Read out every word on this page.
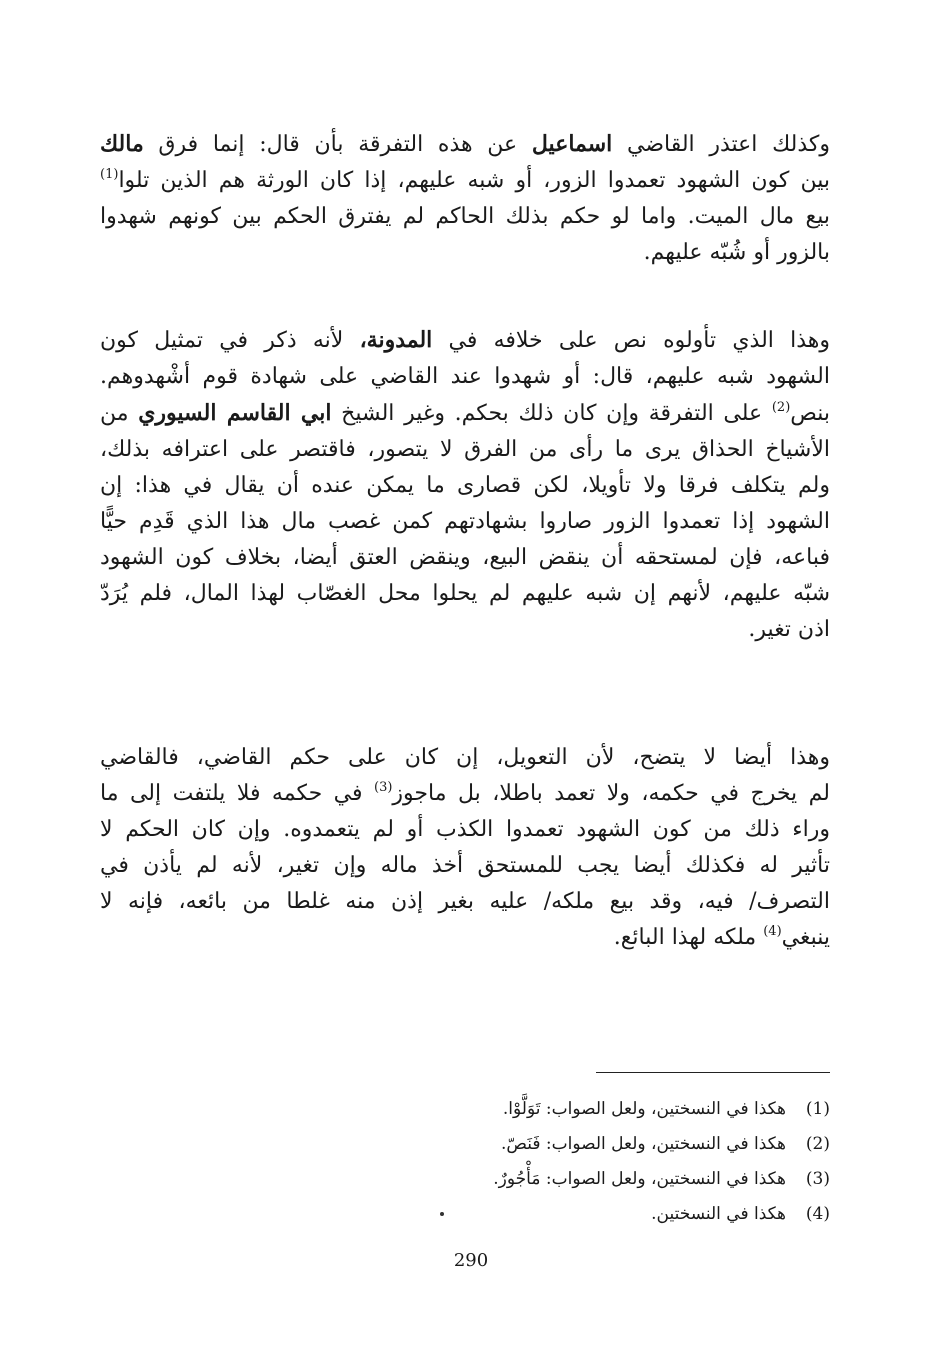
وكذلك اعتذر القاضي اسماعيل عن هذه التفرقة بأن قال: إنما فرق مالك
بين كون الشهود تعمدوا الزور، أو شبه عليهم، إذا كان الورثة هم الذين تلوا$^{(1)}$
بيع مال الميت. واما لو حكم بذلك الحاكم لم يفترق الحكم بين كونهم شهدوا
بالزور أو شُبّه عليهم.
وهذا الذي تأولوه نص على خلافه في المدونة، لأنه ذكر في تمثيل كون
الشهود شبه عليهم، قال: أو شهدوا عند القاضي على شهادة قوم أشْهدوهم.
بنص$^{(2)}$ على التفرقة وإن كان ذلك بحكم. وغير الشيخ ابي القاسم السيوري من
الأشياخ الحذاق يرى ما رأى من الفرق لا يتصور، فاقتصر على اعترافه بذلك،
ولم يتكلف فرقا ولا تأويلا، لكن قصارى ما يمكن عنده أن يقال في هذا: إن
الشهود إذا تعمدوا الزور صاروا بشهادتهم كمن غصب مال هذا الذي قَدِم حيًّا
فباعه، فإن لمستحقه أن ينقض البيع، وينقض العتق أيضا، بخلاف كون الشهود
شبّه عليهم، لأنهم إن شبه عليهم لم يحلوا محل الغصّاب لهذا المال، فلم يُرَدّ
اذن تغير.
وهذا أيضا لا يتضح، لأن التعويل، إن كان على حكم القاضي، فالقاضي
لم يخرج في حكمه، ولا تعمد باطلا، بل ماجوز$^{(3)}$ في حكمه فلا يلتفت إلى ما
وراء ذلك من كون الشهود تعمدوا الكذب أو لم يتعمدوه. وإن كان الحكم لا
تأثير له فكذلك أيضا يجب للمستحق أخذ ماله وإن تغير، لأنه لم يأذن في
التصرف/ فيه، وقد بيع ملكه/ عليه بغير إذن منه غلطا من بائعه، فإنه لا
ينبغي$^{(4)}$ ملكه لهذا البائع.
(1)
هكذا في النسختين، ولعل الصواب: تَوَلَّوْا.
(2)
هكذا في النسختين، ولعل الصواب: فَنَصّ.
(3)
هكذا في النسختين، ولعل الصواب: مَأْجُورٌ.
(4)
هكذا في النسختين.
290
